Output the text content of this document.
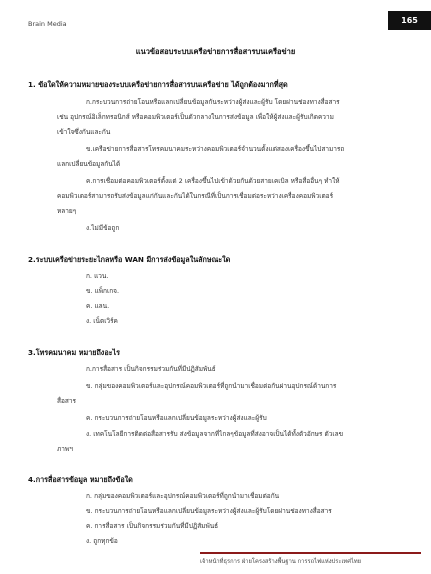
Brain Media	165
แนวข้อสอบระบบเครือข่ายการสื่อสารบนเครือข่าย
1. ข้อใดให้ความหมายของระบบเครือข่ายการสื่อสารบนเครือข่าย ได้ถูกต้องมากที่สุด
ก.กระบวนการถ่ายโอนหรือแลกเปลี่ยนข้อมูลกันระหว่างผู้ส่งและผู้รับ โดยผ่านช่องทางสื่อสาร
เช่น อุปกรณ์อิเล็กทรอนิกส์ หรือคอมพิวเตอร์เป็นตัวกลางในการส่งข้อมูล เพื่อให้ผู้ส่งและผู้รับเกิดความ
เข้าใจซึ่งกันและกัน
ข.เครือข่ายการสื่อสารโทรคมนาคมระหว่างคอมพิวเตอร์จำนวนตั้งแต่สองเครื่องขึ้นไปสามารถ
แลกเปลี่ยนข้อมูลกันได้
ค.การเชื่อมต่อคอมพิวเตอร์ตั้งแต่ 2 เครื่องขึ้นไปเข้าด้วยกันด้วยสายเคเบิล หรือสื่ออื่นๆ ทำให้
คอมพิวเตอร์สามารถรับส่งข้อมูลแก่กันและกันได้ในกรณีที่เป็นการเชื่อมต่อระหว่างเครื่องคอมพิวเตอร์
หลายๆ
ง.ไม่มีข้อถูก
2.ระบบเครือข่ายระยะไกลหรือ WAN มีการส่งข้อมูลในลักษณะใด
ก. แวน.
ข. แพ็กเกจ.
ค. แลน.
ง. เน็ตเวิร์ค
3.โทรคมนาคม หมายถึงอะไร
ก.การสื่อสาร เป็นกิจกรรมร่วมกันที่มีปฏิสัมพันธ์
ข. กลุ่มของคอมพิวเตอร์และอุปกรณ์คอมพิวเตอร์ที่ถูกนำมาเชื่อมต่อกันผ่านอุปกรณ์ด้านการ
สื่อสาร
ค. กระบวนการถ่ายโอนหรือแลกเปลี่ยนข้อมูลระหว่างผู้ส่งและผู้รับ
ง. เทคโนโลยีการติดต่อสื่อสารรับ ส่งข้อมูลจากที่ไกลๆข้อมูลที่ส่งอาจเป็นได้ทั้งตัวอักษร ตัวเลข
ภาพฯ
4.การสื่อสารข้อมูล หมายถึงข้อใด
ก. กลุ่มของคอมพิวเตอร์และอุปกรณ์คอมพิวเตอร์ที่ถูกนำมาเชื่อมต่อกัน
ข. กระบวนการถ่ายโอนหรือแลกเปลี่ยนข้อมูลระหว่างผู้ส่งและผู้รับโดยผ่านช่องทางสื่อสาร
ค. การสื่อสาร เป็นกิจกรรมร่วมกันที่มีปฏิสัมพันธ์
ง. ถูกทุกข้อ
เจ้าหน้าที่ธุรการ ฝ่ายโครงสร้างพื้นฐาน การรถไฟแห่งประเทศไทย
